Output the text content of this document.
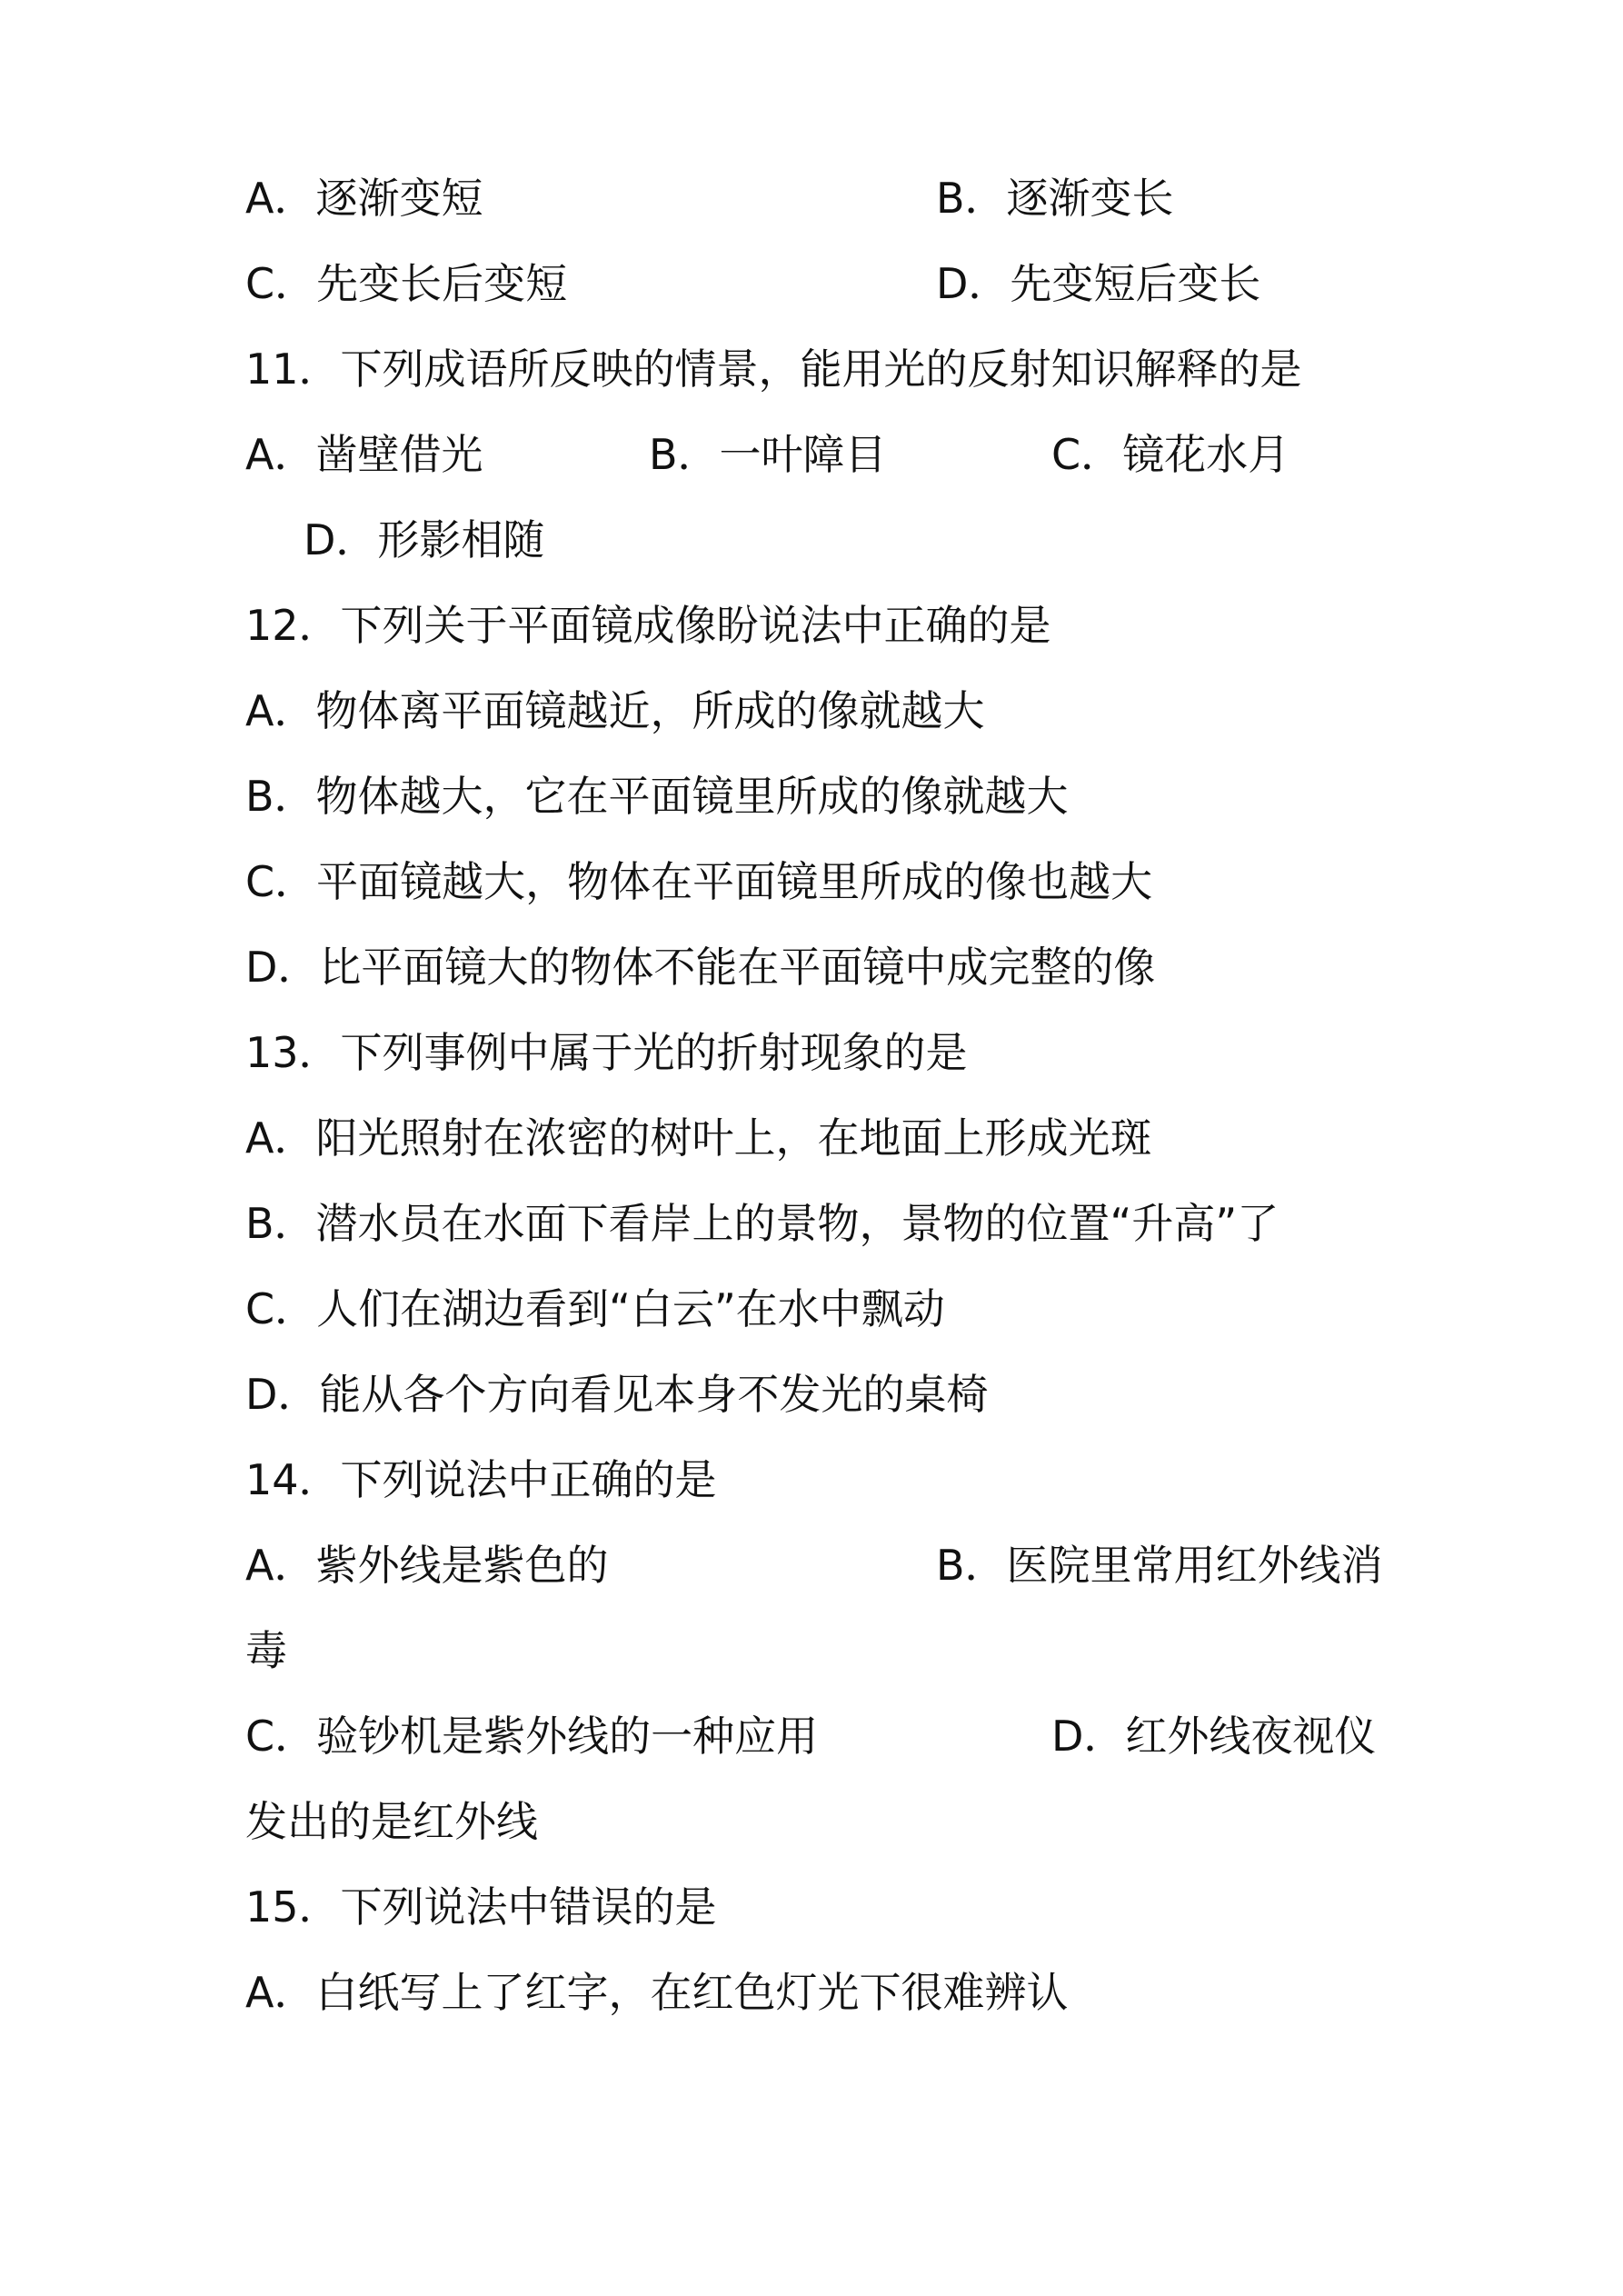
A．逐渐变短	B．逐渐变长
C．先变长后变短	D．先变短后变长
11．下列成语所反映的情景，能用光的反射知识解释的是
A．凿壁借光	B．一叶障目	C．镜花水月
D．形影相随
12．下列关于平面镜成像盼说法中正确的是
A．物体离平面镜越近，所成的像就越大
B．物体越大，它在平面镜里所成的像就越大
C．平面镜越大，物体在平面镜里所成的像也越大
D．比平面镜大的物体不能在平面镜中成完整的像
13．下列事例中属于光的折射现象的是
A．阳光照射在浓密的树叶上，在地面上形成光斑
B．潜水员在水面下看岸上的景物，景物的位置“升高”了
C．人们在湖边看到“白云”在水中飘动
D．能从各个方向看见本身不发光的桌椅
14．下列说法中正确的是
A．紫外线是紫色的	B．医院里常用红外线消
毒
C．验钞机是紫外线的一种应用	D．红外线夜视仪
发出的是红外线
15．下列说法中错误的是
A．白纸写上了红字，在红色灯光下很难辨认
